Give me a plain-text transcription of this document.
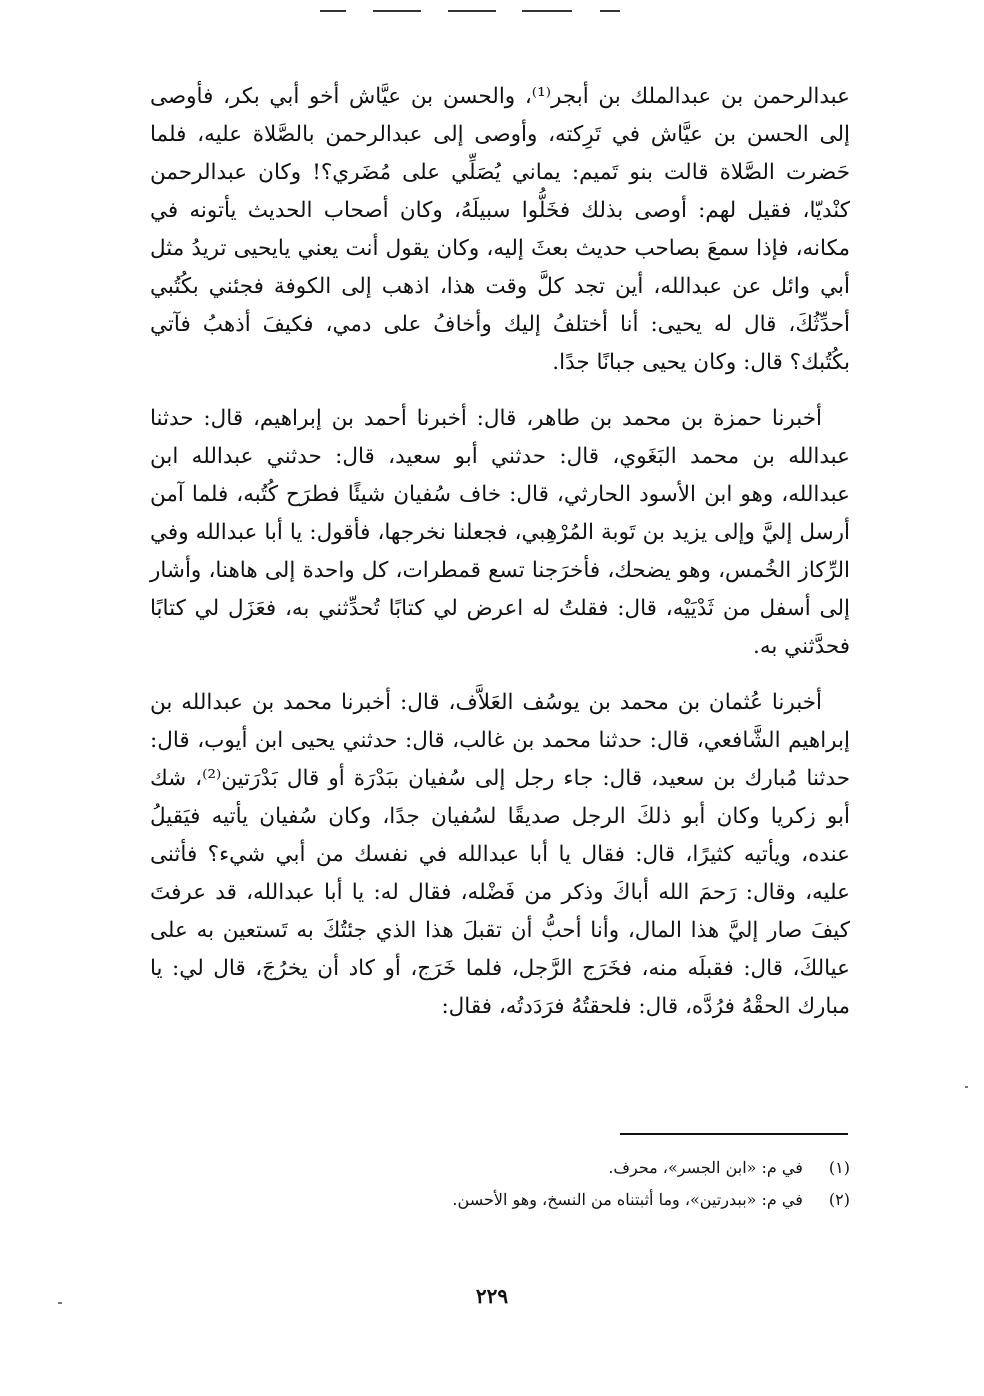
عبدالرحمن بن عبدالملك بن أبجر⁽¹⁾، والحسن بن عيَّاش أخو أبي بكر، فأوصى إلى الحسن بن عيَّاش في تَرِكته، وأوصى إلى عبدالرحمن بالصَّلاة عليه، فلما حَضرت الصَّلاة قالت بنو تَميم: يماني يُصَلِّي على مُضَري؟! وكان عبدالرحمن كنْديّا، فقيل لهم: أوصى بذلك فخَلُّوا سبيلَهُ، وكان أصحاب الحديث يأتونه في مكانه، فإذا سمعَ بصاحب حديث بعثَ إليه، وكان يقول أنت يعني يايحيى تريدُ مثل أبي وائل عن عبدالله، أين تجد كلَّ وقت هذا، اذهب إلى الكوفة فجئني بكُتُبي أحدِّثُكَ، قال له يحيى: أنا أختلفُ إليك وأخافُ على دمي، فكيفَ أذهبُ فآتي بكُتُبك؟ قال: وكان يحيى جبانًا جدًا.

أخبرنا حمزة بن محمد بن طاهر، قال: أخبرنا أحمد بن إبراهيم، قال: حدثنا عبدالله بن محمد البَغَوي، قال: حدثني أبو سعيد، قال: حدثني عبدالله ابن عبدالله، وهو ابن الأسود الحارثي، قال: خاف سُفيان شيئًا فطرَح كُتُبه، فلما آمن أرسل إليَّ وإلى يزيد بن تَوبة المُرْهِبي، فجعلنا نخرجها، فأقول: يا أبا عبدالله وفي الرِّكاز الخُمس، وهو يضحك، فأخرَجنا تسع قمطرات، كل واحدة إلى هاهنا، وأشار إلى أسفل من ثَدْيَيْه، قال: فقلتُ له اعرض لي كتابًا تُحدِّثني به، فعَزَل لي كتابًا فحدَّثني به.

أخبرنا عُثمان بن محمد بن يوسُف العَلاَّف، قال: أخبرنا محمد بن عبدالله بن إبراهيم الشَّافعي، قال: حدثنا محمد بن غالب، قال: حدثني يحيى ابن أيوب، قال: حدثنا مُبارك بن سعيد، قال: جاء رجل إلى سُفيان ببَدْرَة أو قال بَدْرَتين⁽²⁾، شك أبو زكريا وكان أبو ذلكَ الرجل صديقًا لسُفيان جدًا، وكان سُفيان يأتيه فيَقيلُ عنده، ويأتيه كثيرًا، قال: فقال يا أبا عبدالله في نفسك من أبي شيء؟ فأثنى عليه، وقال: رَحمَ الله أباكَ وذكر من فَضْله، فقال له: يا أبا عبدالله، قد عرفتَ كيفَ صار إليَّ هذا المال، وأنا أحبُّ أن تقبلَ هذا الذي جئتُكَ به تَستعين به على عيالكَ، قال: فقبلَه منه، فخَرَج الرَّجل، فلما خَرَج، أو كاد أن يخرُجَ، قال لي: يا مبارك الحقْهُ فرُدَّه، قال: فلحقتُهُ فرَدَدتُه، فقال:

(١) في م: «ابن الجسر»، محرف.

(٢) في م: «ببدرتين»، وما أثبتناه من النسخ، وهو الأحسن.

٢٢٩
